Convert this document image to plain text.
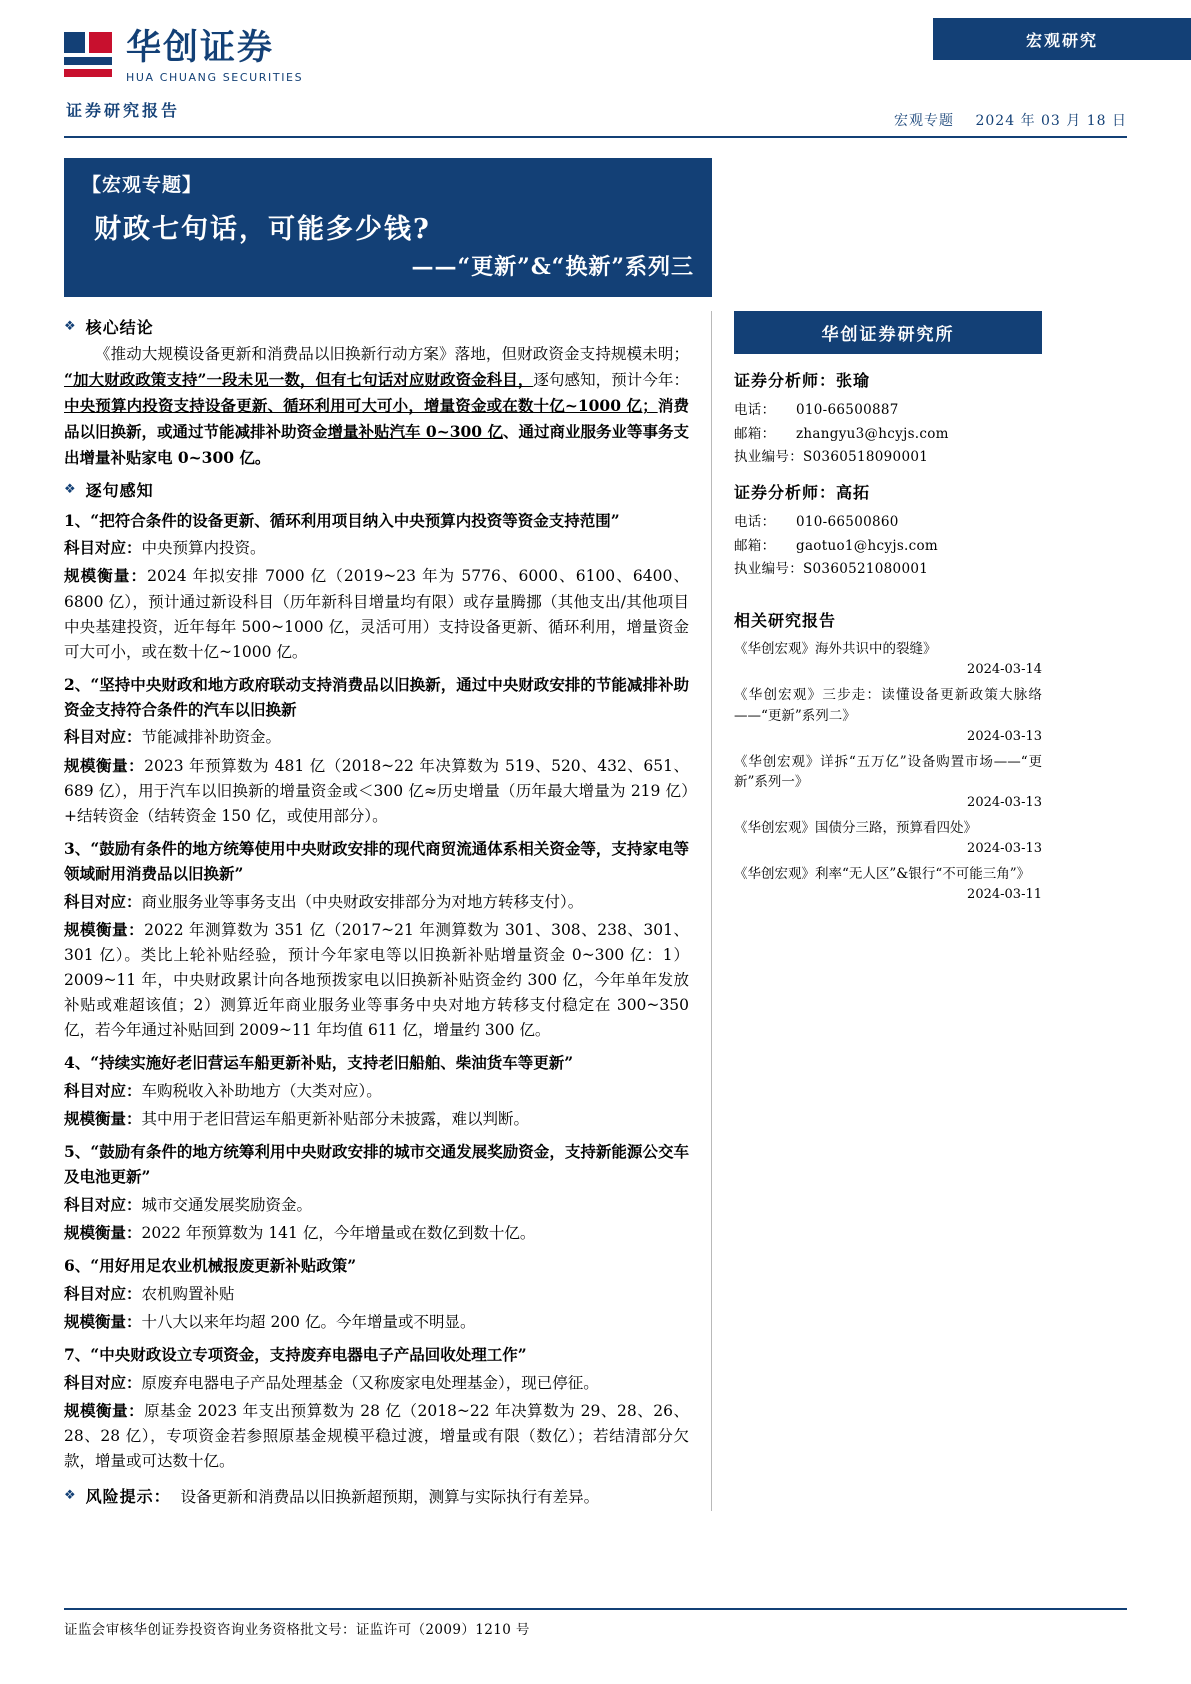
宏观研究
华创证券
HUA CHUANG SECURITIES
证券研究报告
宏观专题 2024 年 03 月 18 日
【宏观专题】
财政七句话，可能多少钱?
——“更新”&“换新”系列三
❖ 核心结论

《推动大规模设备更新和消费品以旧换新行动方案》落地，但财政资金支持规模未明；“加大财政政策支持”一段未见一数，但有七句话对应财政资金科目，逐句感知，预计今年：中央预算内投资支持设备更新、循环利用可大可小，增量资金或在数十亿~1000 亿；消费品以旧换新，或通过节能减排补助资金增量补贴汽车 0~300 亿、通过商业服务业等事务支出增量补贴家电 0~300 亿。

❖ 逐句感知
1、“把符合条件的设备更新、循环利用项目纳入中央预算内投资等资金支持范围”
科目对应：中央预算内投资。
规模衡量：2024 年拟安排 7000 亿（2019~23 年为 5776、6000、6100、6400、6800 亿），预计通过新设科目（历年新科目增量均有限）或存量腾挪（其他支出/其他项目中央基建投资，近年每年 500~1000 亿，灵活可用）支持设备更新、循环利用，增量资金可大可小，或在数十亿~1000 亿。
2、“坚持中央财政和地方政府联动支持消费品以旧换新，通过中央财政安排的节能减排补助资金支持符合条件的汽车以旧换新
科目对应：节能减排补助资金。
规模衡量：2023 年预算数为 481 亿（2018~22 年决算数为 519、520、432、651、689 亿），用于汽车以旧换新的增量资金或＜300 亿≈历史增量（历年最大增量为 219 亿）+结转资金（结转资金 150 亿，或使用部分）。
3、“鼓励有条件的地方统筹使用中央财政安排的现代商贸流通体系相关资金等，支持家电等领域耐用消费品以旧换新”
科目对应：商业服务业等事务支出（中央财政安排部分为对地方转移支付）。
规模衡量：2022 年测算数为 351 亿（2017~21 年测算数为 301、308、238、301、301 亿）。类比上轮补贴经验，预计今年家电等以旧换新补贴增量资金 0~300 亿：1）2009~11 年，中央财政累计向各地预拨家电以旧换新补贴资金约 300 亿，今年单年发放补贴或难超该值；2）测算近年商业服务业等事务中央对地方转移支付稳定在 300~350 亿，若今年通过补贴回到 2009~11 年均值 611 亿，增量约 300 亿。
4、“持续实施好老旧营运车船更新补贴，支持老旧船舶、柴油货车等更新”
科目对应：车购税收入补助地方（大类对应）。
规模衡量：其中用于老旧营运车船更新补贴部分未披露，难以判断。
5、“鼓励有条件的地方统筹利用中央财政安排的城市交通发展奖励资金，支持新能源公交车及电池更新”
科目对应：城市交通发展奖励资金。
规模衡量：2022 年预算数为 141 亿，今年增量或在数亿到数十亿。
6、“用好用足农业机械报废更新补贴政策”
科目对应：农机购置补贴
规模衡量：十八大以来年均超 200 亿。今年增量或不明显。
7、“中央财政设立专项资金，支持废弃电器电子产品回收处理工作”
科目对应：原废弃电器电子产品处理基金（又称废家电处理基金），现已停征。
规模衡量：原基金 2023 年支出预算数为 28 亿（2018~22 年决算数为 29、28、26、28、28 亿），专项资金若参照原基金规模平稳过渡，增量或有限（数亿）；若结清部分欠款，增量或可达数十亿。
❖ 风险提示： 设备更新和消费品以旧换新超预期，测算与实际执行有差异。
华创证券研究所
证券分析师：张瑜
电话： 010-66500887
邮箱： zhangyu3@hcyjs.com
执业编号：S0360518090001
证券分析师：高拓
电话： 010-66500860
邮箱： gaotuo1@hcyjs.com
执业编号：S0360521080001
相关研究报告
《华创宏观》海外共识中的裂缝》
2024-03-14
《华创宏观》三步走：读懂设备更新政策大脉络——“更新”系列二》
2024-03-13
《华创宏观》详拆“五万亿”设备购置市场——“更新”系列一》
2024-03-13
《华创宏观》国债分三路，预算看四处》
2024-03-13
《华创宏观》利率“无人区”&银行“不可能三角”》
2024-03-11
证监会审核华创证券投资咨询业务资格批文号：证监许可（2009）1210 号
